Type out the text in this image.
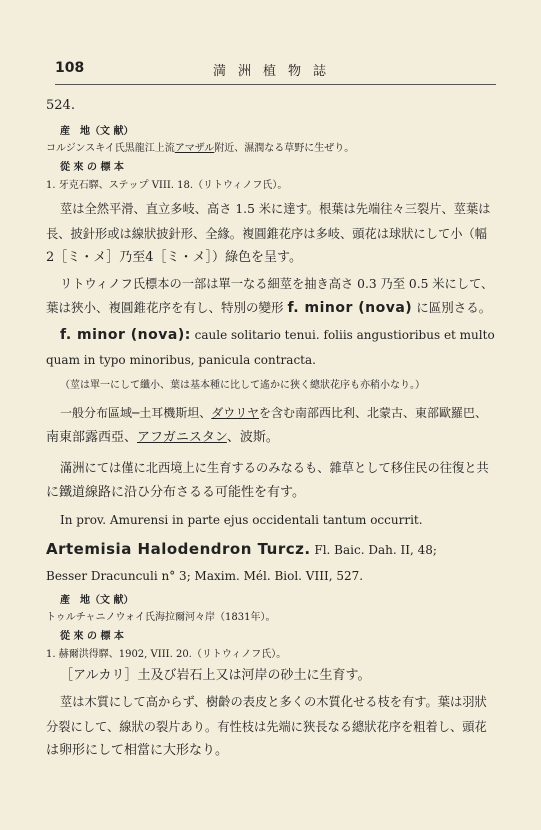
108	満洲植物誌
524.
産　地（文 献）
コルジンスキイ氏黒龍江上流アマザル附近、濕潤なる草野に生ぜり。
從 來 の 標 本
1. 牙克石驛、ステップ VIII. 18.（リトウィノフ氏）。
莖は全然平滑、直立多岐、高さ 1.5 米に達す。根葉は先端往々三裂片、莖葉は
長、披針形或は線狀披針形、全緣。複圓錐花序は多岐、頭花は球狀にして小（幅
2［ミ・メ］乃至4［ミ・メ］）綠色を呈す。
リトウィノフ氏標本の一部は單一なる細莖を抽き高さ 0.3 乃至 0.5 米にして、
葉は狹小、複圓錐花序を有し、特別の變形 f. minor (nova) に區別さる。
f. minor (nova): caule solitario tenui. foliis angustioribus et multo
quam in typo minoribus, panicula contracta.
（莖は單一にして纖小、葉は基本種に比して遙かに狹く總狀花序も亦稍小なり。）
一般分布區域─土耳機斯坦、ダウリヤを含む南部西比利、北蒙古、東部歐羅巴、
南東部露西亞、アフガニスタン、波斯。
滿洲にては僅に北西境上に生育するのみなるも、雜草として移住民の往復と共
に鐵道線路に沿ひ分布さるる可能性を有す。
In prov. Amurensi in parte ejus occidentali tantum occurrit.
Artemisia Halodendron Turcz. Fl. Baic. Dah. II, 48;
Besser Dracunculi n° 3; Maxim. Mél. Biol. VIII, 527.
產　地（文 献）
トゥルチャニノウォイ氏海拉爾河々岸（1831年）。
從 來 の 標 本
1. 赫爾洪得驛、1902, VIII. 20.（リトウィノフ氏）。
［アルカリ］土及び岩石上又は河岸の砂土に生育す。
莖は木質にして高からず、樹齡の表皮と多くの木質化せる枝を有す。葉は羽狀
分裂にして、線狀の裂片あり。有性枝は先端に狹長なる總狀花序を粗着し、頭花
は卵形にして相當に大形なり。
